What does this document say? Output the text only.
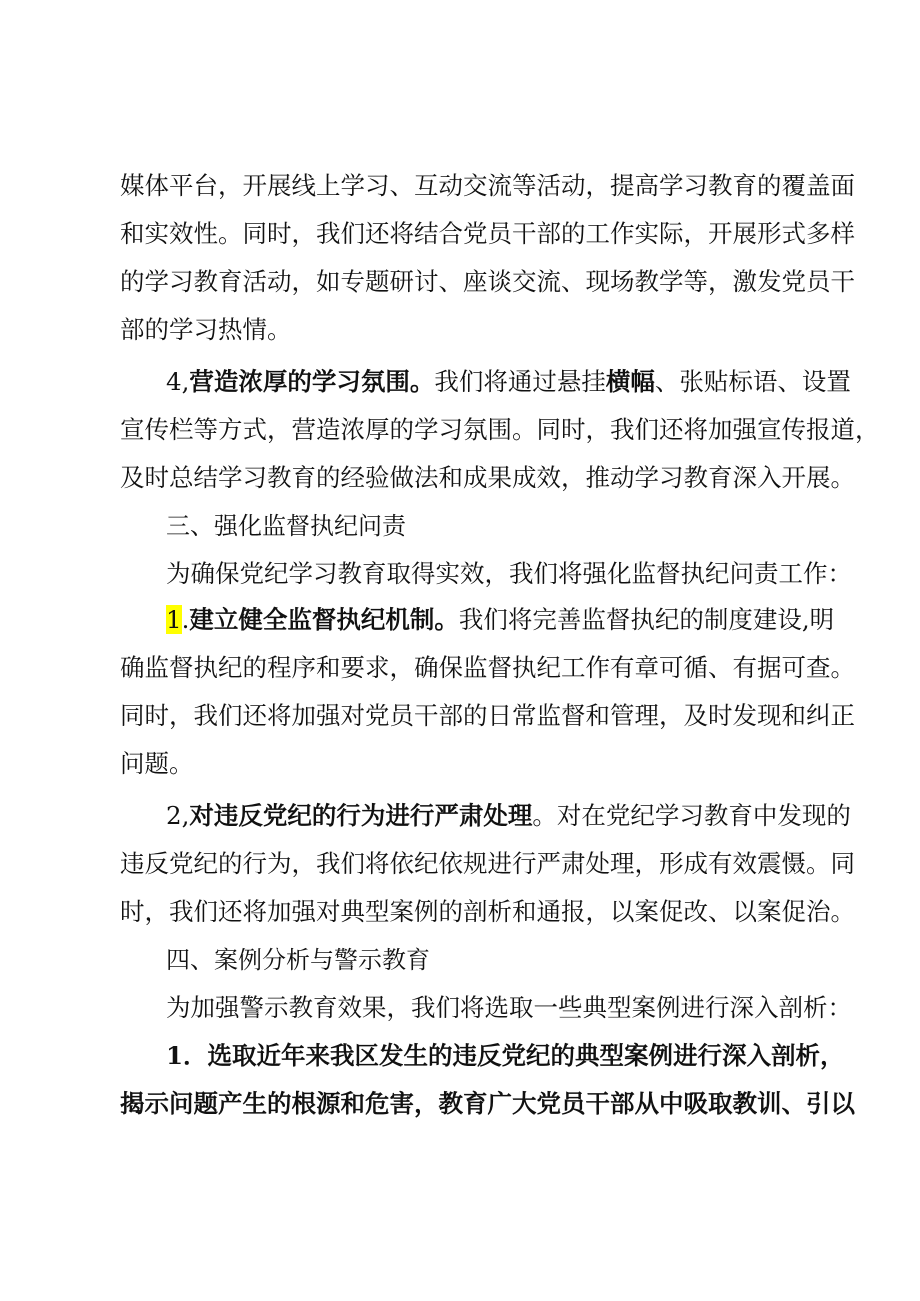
媒体平台，开展线上学习、互动交流等活动，提高学习教育的覆盖面
和实效性。同时，我们还将结合党员干部的工作实际，开展形式多样
的学习教育活动，如专题研讨、座谈交流、现场教学等，激发党员干
部的学习热情。
4,营造浓厚的学习氛围。我们将通过悬挂横幅、张贴标语、设置
宣传栏等方式，营造浓厚的学习氛围。同时，我们还将加强宣传报道，
及时总结学习教育的经验做法和成果成效，推动学习教育深入开展。
三、强化监督执纪问责
为确保党纪学习教育取得实效，我们将强化监督执纪问责工作：
1.建立健全监督执纪机制。我们将完善监督执纪的制度建设,明
确监督执纪的程序和要求，确保监督执纪工作有章可循、有据可查。
同时，我们还将加强对党员干部的日常监督和管理，及时发现和纠正
问题。
2,对违反党纪的行为进行严肃处理。对在党纪学习教育中发现的
违反党纪的行为，我们将依纪依规进行严肃处理，形成有效震慑。同
时，我们还将加强对典型案例的剖析和通报，以案促改、以案促治。
四、案例分析与警示教育
为加强警示教育效果，我们将选取一些典型案例进行深入剖析：
1．选取近年来我区发生的违反党纪的典型案例进行深入剖析，
揭示问题产生的根源和危害，教育广大党员干部从中吸取教训、引以
